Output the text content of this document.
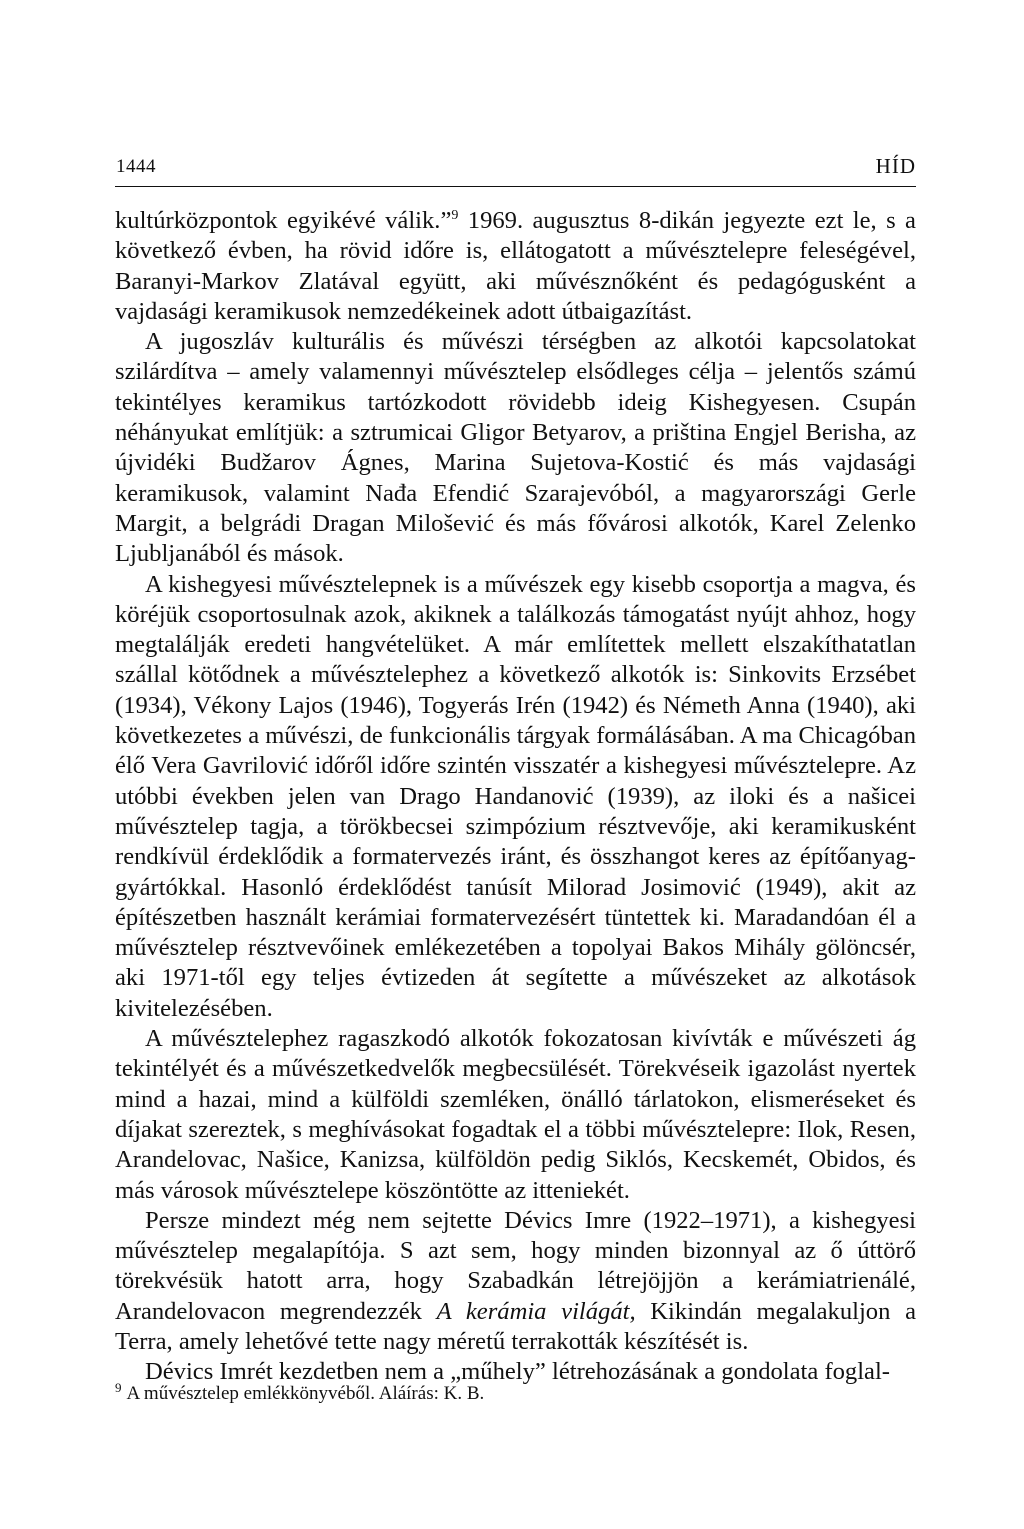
1444	HÍD

kultúrközpontok egyikévé válik.”$^9$ 1969. augusztus 8-dikán jegyezte ezt le, s a következő évben, ha rövid időre is, ellátogatott a művésztelepre feleségével, Baranyi-Markov Zlatával együtt, aki művésznőként és pedagógusként a vajdasági keramikusok nemzedékeinek adott útbaigazítást.

A jugoszláv kulturális és művészi térségben az alkotói kapcsolatokat szilárdítva – amely valamennyi művésztelep elsődleges célja – jelentős számú tekintélyes keramikus tartózkodott rövidebb ideig Kishegyesen. Csupán néhányukat említjük: a sztrumicai Gligor Betyarov, a priština Engjel Berisha, az újvidéki Budžarov Ágnes, Marina Sujetova-Kostić és más vajdasági keramikusok, valamint Nađa Efendić Szarajevóból, a magyarországi Gerle Margit, a belgrádi Dragan Milošević és más fővárosi alkotók, Karel Zelenko Ljubljanából és mások.

A kishegyesi művésztelepnek is a művészek egy kisebb csoportja a magva, és köréjük csoportosulnak azok, akiknek a találkozás támogatást nyújt ahhoz, hogy megtalálják eredeti hangvételüket. A már említettek mellett elszakíthatatlan szállal kötődnek a művésztelephez a következő alkotók is: Sinkovits Erzsébet (1934), Vékony Lajos (1946), Togyerás Irén (1942) és Németh Anna (1940), aki következetes a művészi, de funkcionális tárgyak formálásában. A ma Chicagóban élő Vera Gavrilović időről időre szintén visszatér a kishegyesi művésztelepre. Az utóbbi években jelen van Drago Handanović (1939), az iloki és a našicei művésztelep tagja, a törökbecsei szimpózium résztvevője, aki keramikusként rendkívül érdeklődik a formatervezés iránt, és összhangot keres az építőanyag-gyártókkal. Hasonló érdeklődést tanúsít Milorad Josimović (1949), akit az építészetben használt kerámiai formatervezésért tüntettek ki. Maradandóan él a művésztelep résztvevőinek emlékezetében a topolyai Bakos Mihály gölöncsér, aki 1971-től egy teljes évtizeden át segítette a művészeket az alkotások kivitelezésében.

A művésztelephez ragaszkodó alkotók fokozatosan kivívták e művészeti ág tekintélyét és a művészetkedvelők megbecsülését. Törekvéseik igazolást nyertek mind a hazai, mind a külföldi szemléken, önálló tárlatokon, elismeréseket és díjakat szereztek, s meghívásokat fogadtak el a többi művésztelepre: Ilok, Resen, Arandelovac, Našice, Kanizsa, külföldön pedig Siklós, Kecskemét, Obidos, és más városok művésztelepe köszöntötte az itteniekét.

Persze mindezt még nem sejtette Dévics Imre (1922–1971), a kishegyesi művésztelep megalapítója. S azt sem, hogy minden bizonnyal az ő úttörő törekvésük hatott arra, hogy Szabadkán létrejöjjön a kerámiatrienálé, Arandelovacon megrendezzék A kerámia világát, Kikindán megalakuljon a Terra, amely lehetővé tette nagy méretű terrakották készítését is.

Dévics Imrét kezdetben nem a „műhely” létrehozásának a gondolata foglal-

$^9$ A művésztelep emlékkönyvéből. Aláírás: K. B.
